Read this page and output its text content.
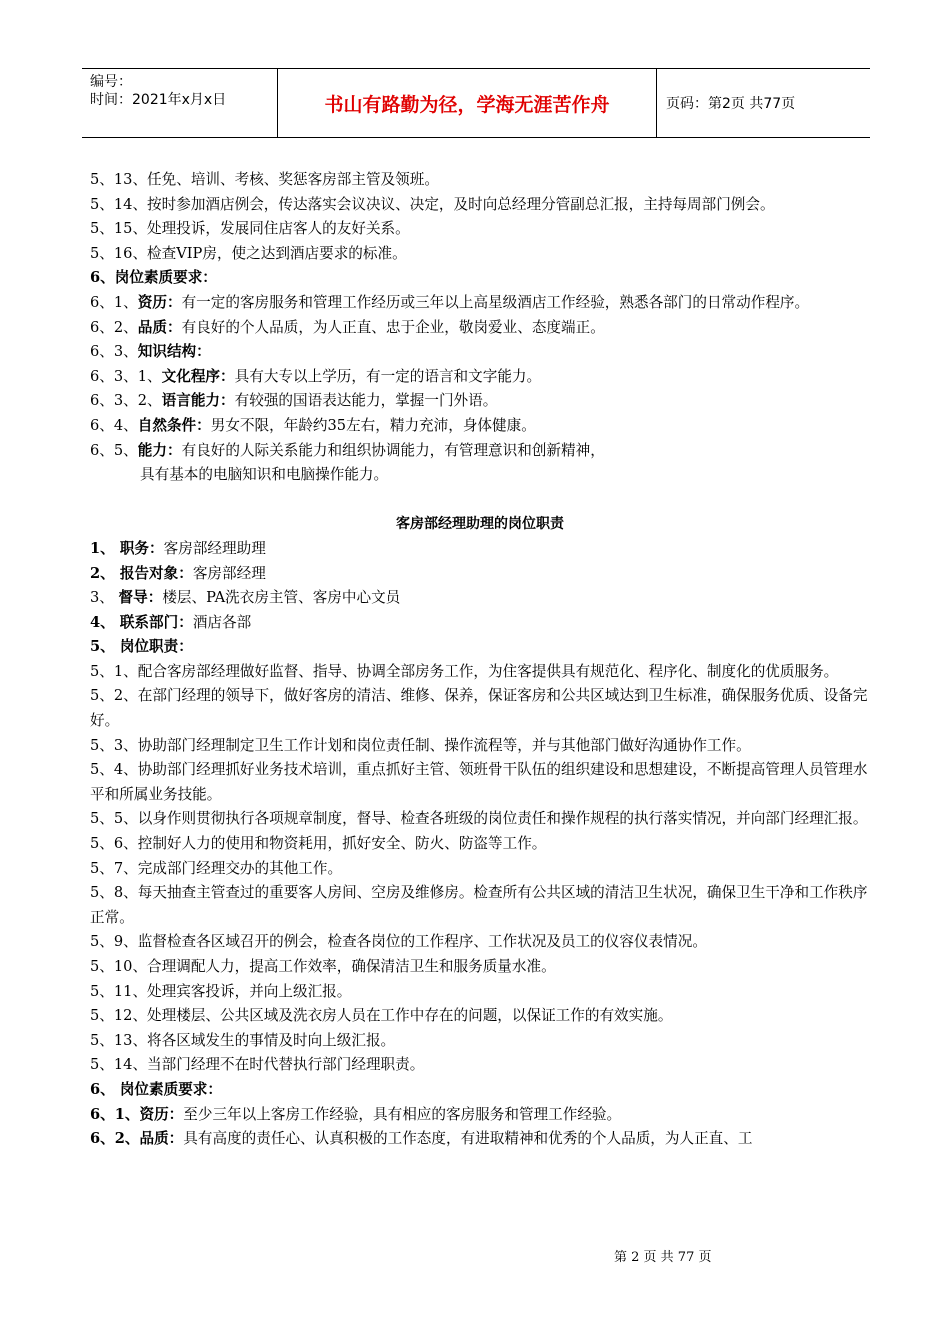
编号：
时间：2021年x月x日	书山有路勤为径，学海无涯苦作舟	页码：第2页 共77页

5、13、任免、培训、考核、奖惩客房部主管及领班。

5、14、按时参加酒店例会，传达落实会议决议、决定，及时向总经理分管副总汇报，主持每周部门例会。

5、15、处理投诉，发展同住店客人的友好关系。

5、16、检查VIP房，使之达到酒店要求的标准。

6、岗位素质要求：

6、1、资历：有一定的客房服务和管理工作经历或三年以上高星级酒店工作经验，熟悉各部门的日常动作程序。

6、2、品质：有良好的个人品质，为人正直、忠于企业，敬岗爱业、态度端正。

6、3、知识结构：

6、3、1、文化程序：具有大专以上学历，有一定的语言和文字能力。

6、3、2、语言能力：有较强的国语表达能力，掌握一门外语。

6、4、自然条件：男女不限，年龄约35左右，精力充沛，身体健康。

6、5、能力：有良好的人际关系能力和组织协调能力，有管理意识和创新精神，

具有基本的电脑知识和电脑操作能力。

客房部经理助理的岗位职责

1、 职务：客房部经理助理

2、 报告对象：客房部经理

3、 督导：楼层、PA洗衣房主管、客房中心文员

4、 联系部门：酒店各部

5、 岗位职责：

5、1、配合客房部经理做好监督、指导、协调全部房务工作，为住客提供具有规范化、程序化、制度化的优质服务。

5、2、在部门经理的领导下，做好客房的清洁、维修、保养，保证客房和公共区域达到卫生标准，确保服务优质、设备完好。

5、3、协助部门经理制定卫生工作计划和岗位责任制、操作流程等，并与其他部门做好沟通协作工作。

5、4、协助部门经理抓好业务技术培训，重点抓好主管、领班骨干队伍的组织建设和思想建设，不断提高管理人员管理水平和所属业务技能。

5、5、以身作则贯彻执行各项规章制度，督导、检查各班级的岗位责任和操作规程的执行落实情况，并向部门经理汇报。

5、6、控制好人力的使用和物资耗用，抓好安全、防火、防盗等工作。

5、7、完成部门经理交办的其他工作。

5、8、每天抽查主管查过的重要客人房间、空房及维修房。检查所有公共区域的清洁卫生状况，确保卫生干净和工作秩序正常。

5、9、监督检查各区域召开的例会，检查各岗位的工作程序、工作状况及员工的仪容仪表情况。

5、10、合理调配人力，提高工作效率，确保清洁卫生和服务质量水准。

5、11、处理宾客投诉，并向上级汇报。

5、12、处理楼层、公共区域及洗衣房人员在工作中存在的问题，以保证工作的有效实施。

5、13、将各区域发生的事情及时向上级汇报。

5、14、当部门经理不在时代替执行部门经理职责。

6、 岗位素质要求：

6、1、资历：至少三年以上客房工作经验，具有相应的客房服务和管理工作经验。

6、2、品质：具有高度的责任心、认真积极的工作态度，有进取精神和优秀的个人品质，为人正直、工

第 2 页 共 77 页
